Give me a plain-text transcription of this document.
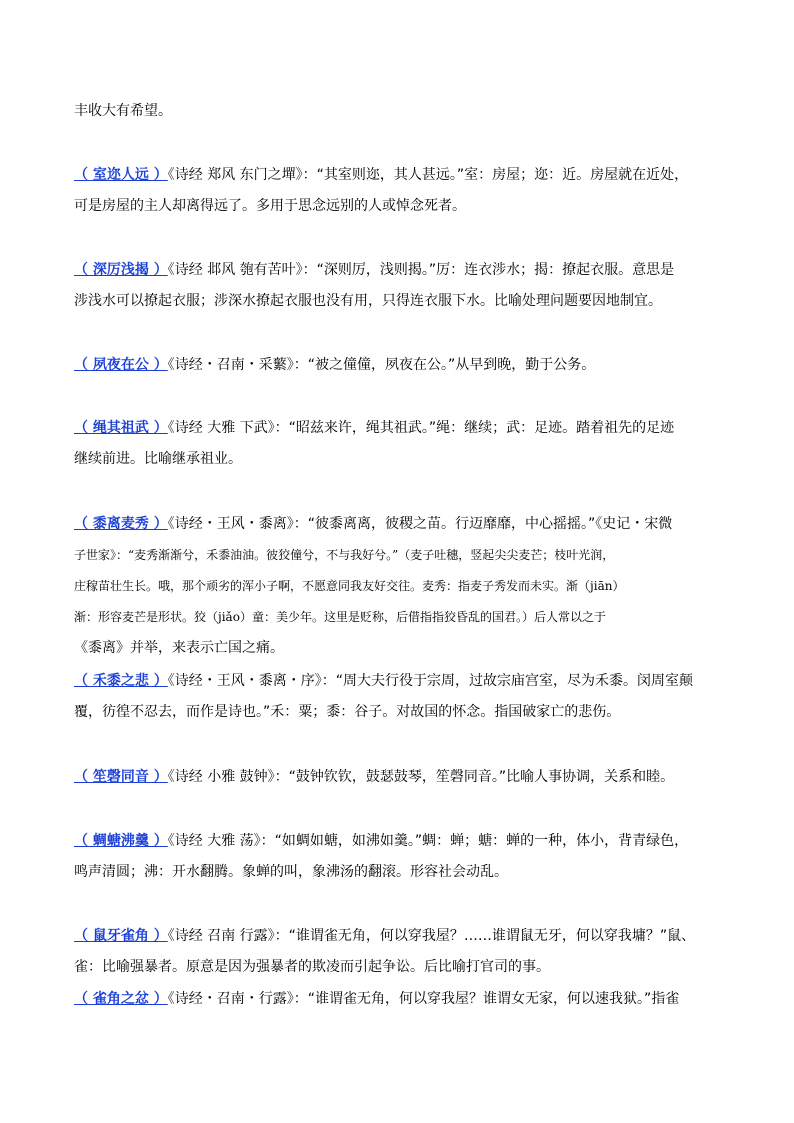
丰收大有希望。

（ 室迩人远 ）《诗经 郑风 东门之墠》：“其室则迩，其人甚远。”室：房屋；迩：近。房屋就在近处，

可是房屋的主人却离得远了。多用于思念远别的人或悼念死者。

（ 深厉浅揭 ）《诗经 邶风 匏有苦叶》：“深则厉，浅则揭。”厉：连衣涉水；揭：撩起衣服。意思是

涉浅水可以撩起衣服；涉深水撩起衣服也没有用，只得连衣服下水。比喻处理问题要因地制宜。

（ 夙夜在公 ）《诗经・召南・采蘩》：“被之僮僮，夙夜在公。”从早到晚，勤于公务。

（ 绳其祖武 ）《诗经 大雅 下武》：“昭兹来许，绳其祖武。”绳：继续；武：足迹。踏着祖先的足迹

继续前进。比喻继承祖业。

（ 黍离麦秀 ）《诗经・王风・黍离》：“彼黍离离，彼稷之苗。行迈靡靡，中心摇摇。”《史记・宋微

子世家》：“麦秀渐渐兮，禾黍油油。彼狡僮兮，不与我好兮。”（麦子吐穗，竖起尖尖麦芒；枝叶光润，

庄稼苗壮生长。哦，那个顽劣的浑小子啊，不愿意同我友好交往。麦秀：指麦子秀发而未实。渐（jiān）

渐：形容麦芒是形状。狡（jiǎo）童：美少年。这里是贬称，后借指指狡昏乱的国君。）后人常以之于

《黍离》并举，来表示亡国之痛。

（ 禾黍之悲 ）《诗经・王风・黍离・序》：“周大夫行役于宗周，过故宗庙宫室，尽为禾黍。闵周室颠

覆，彷徨不忍去，而作是诗也。”禾：粟；黍：谷子。对故国的怀念。指国破家亡的悲伤。

（ 笙磬同音 ）《诗经 小雅 鼓钟》：“鼓钟钦钦，鼓瑟鼓琴，笙磬同音。”比喻人事协调，关系和睦。

（ 蜩螗沸羹 ）《诗经 大雅 荡》：“如蜩如螗，如沸如羹。”蜩：蝉；螗：蝉的一种，体小，背青绿色，

鸣声清圆；沸：开水翻腾。象蝉的叫，象沸汤的翻滚。形容社会动乱。

（ 鼠牙雀角 ）《诗经 召南 行露》：“谁谓雀无角，何以穿我屋？……谁谓鼠无牙，何以穿我墉？”鼠、

雀：比喻强暴者。原意是因为强暴者的欺凌而引起争讼。后比喻打官司的事。

（ 雀角之忿 ）《诗经・召南・行露》：“谁谓雀无角，何以穿我屋？谁谓女无家，何以速我狱。”指雀
